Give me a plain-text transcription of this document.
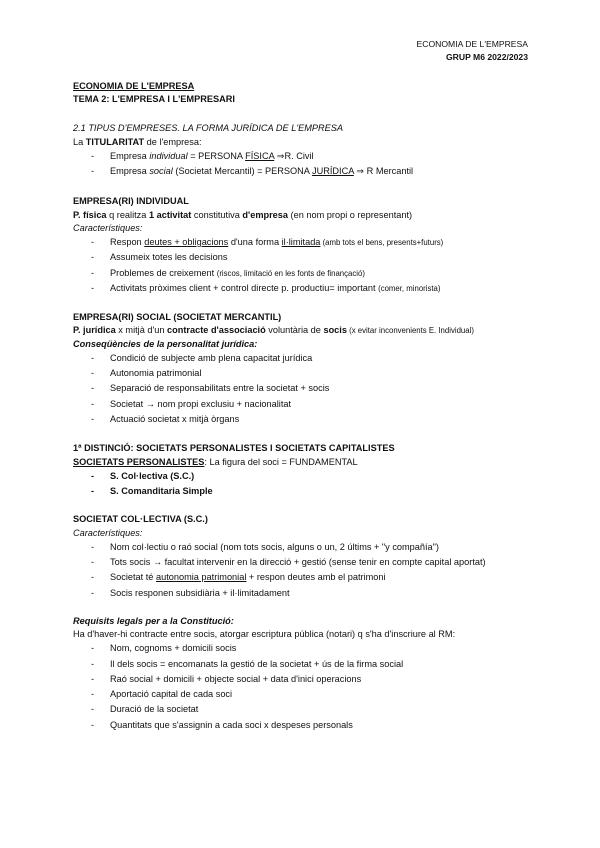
ECONOMIA DE L'EMPRESA
GRUP M6 2022/2023
ECONOMIA DE L'EMPRESA
TEMA 2: L'EMPRESA I L'EMPRESARI
2.1 TIPUS D'EMPRESES. LA FORMA JURÍDICA DE L'EMPRESA
La TITULARITAT de l'empresa:
- Empresa individual = PERSONA FÍSICA ⇒R. Civil
- Empresa social (Societat Mercantil) = PERSONA JURÍDICA ⇒ R Mercantil
EMPRESA(RI) INDIVIDUAL
P. física q realitza 1 activitat constitutiva d'empresa (en nom propi o representant)
Característiques:
- Respon deutes + obligacions d'una forma il·limitada (amb tots el bens, presents+futurs)
- Assumeix totes les decisions
- Problemes de creixement (riscos, limitació en les fonts de finançació)
- Activitats pròximes client + control directe p. productiu= important (comer, minorista)
EMPRESA(RI) SOCIAL (SOCIETAT MERCANTIL)
P. jurídica x mitjà d'un contracte d'associació voluntària de socis (x evitar inconvenients E. Individual)
Conseqüències de la personalitat jurídica:
- Condició de subjecte amb plena capacitat jurídica
- Autonomia patrimonial
- Separació de responsabilitats entre la societat + socis
- Societat → nom propi exclusiu + nacionalitat
- Actuació societat x mitjà òrgans
1ª DISTINCIÓ: SOCIETATS PERSONALISTES I SOCIETATS CAPITALISTES
SOCIETATS PERSONALISTES: La figura del soci = FUNDAMENTAL
- S. Col·lectiva (S.C.)
- S. Comanditaria Simple
SOCIETAT COL·LECTIVA (S.C.)
Característiques:
- Nom col·lectiu o raó social (nom tots socis, alguns o un, 2 últims + "y compañía")
- Tots socis → facultat intervenir en la direcció + gestió (sense tenir en compte capital aportat)
- Societat té autonomia patrimonial + respon deutes amb el patrimoni
- Socis responen subsidiària + il·limitadament
Requisits legals per a la Constitució:
Ha d'haver-hi contracte entre socis, atorgar escriptura pública (notari) q s'ha d'inscriure al RM:
- Nom, cognoms + domicili socis
- Il dels socis = encomanats la gestió de la societat + ús de la firma social
- Raó social + domicili + objecte social + data d'inici operacions
- Aportació capital de cada soci
- Duració de la societat
- Quantitats que s'assignin a cada soci x despeses personals
